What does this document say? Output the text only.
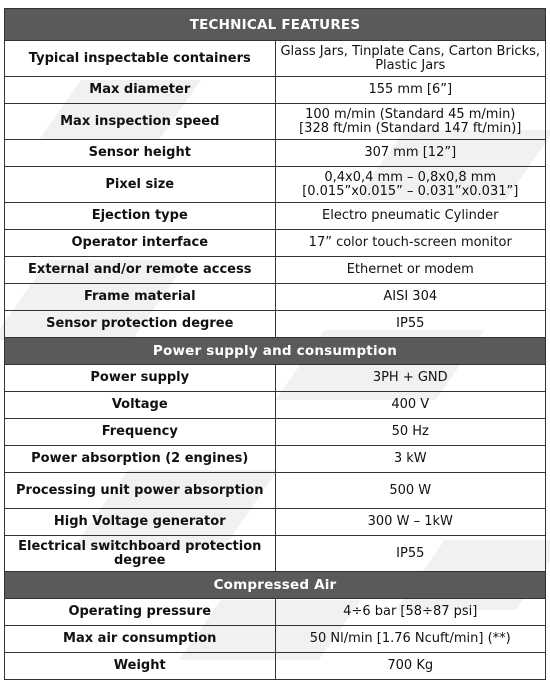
TECHNICAL FEATURES	
Typical inspectable containers	Glass Jars, Tinplate Cans, Carton Bricks,
Plastic Jars

Max diameter	155 mm [6”]
Max inspection speed	100 m/min (Standard 45 m/min)
[328 ft/min (Standard 147 ft/min)]

Sensor height	307 mm [12”]
Pixel size	0,4x0,4 mm – 0,8x0,8 mm
[0.015”x0.015” – 0.031”x0.031”]

Ejection type	Electro pneumatic Cylinder
Operator interface	17” color touch-screen monitor
External and/or remote access	Ethernet or modem
Frame material	AISI 304
Sensor protection degree	IP55
Power supply and consumption	
Power supply	3PH + GND
Voltage	400 V
Frequency	50 Hz
Power absorption (2 engines)	3 kW
Processing unit power absorption	500 W
High Voltage generator	300 W – 1kW
Electrical switchboard protection degree	IP55
Compressed Air	
Operating pressure	4÷6 bar [58÷87 psi]
Max air consumption	50 Nl/min [1.76 Ncuft/min] (**)
Weight	700 Kg
